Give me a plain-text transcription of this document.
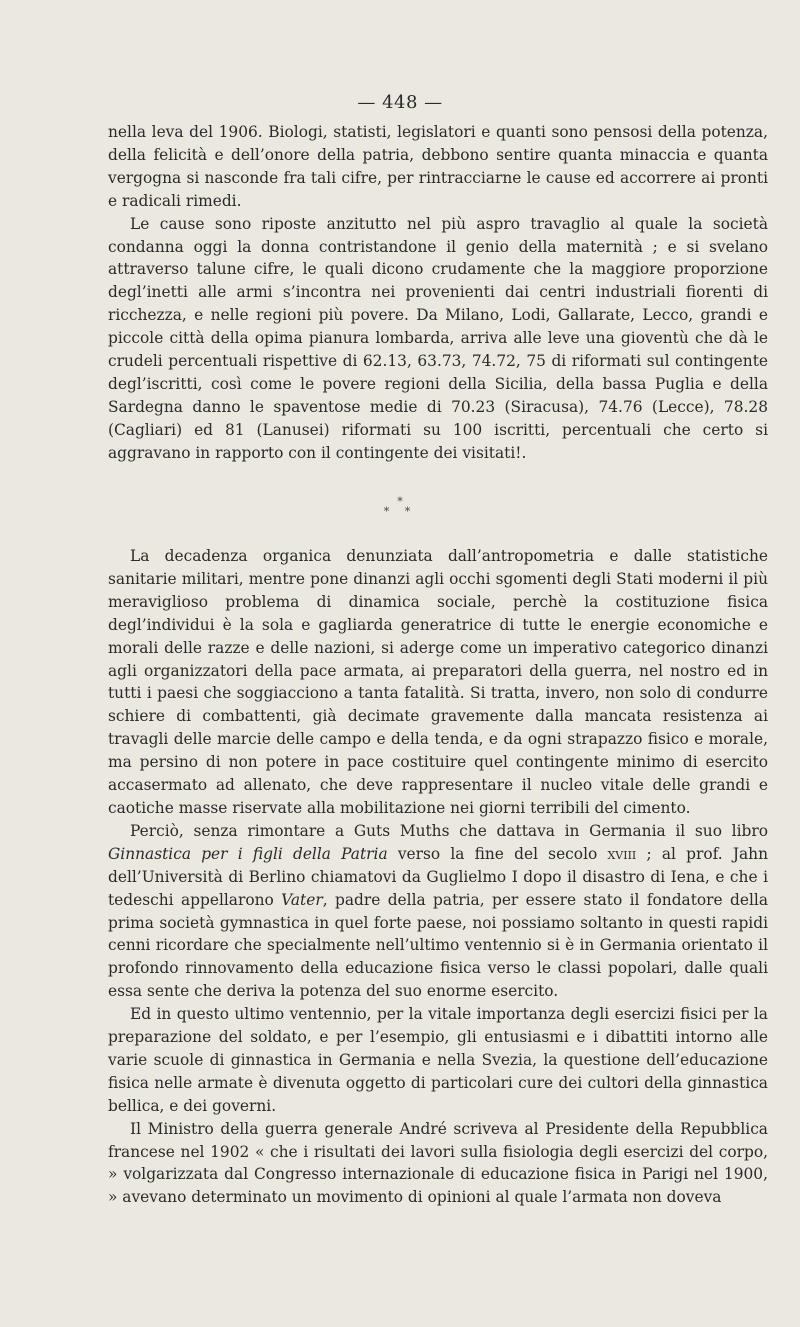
— 448 —

nella leva del 1906. Biologi, statisti, legislatori e quanti sono pensosi della potenza, della felicità e dell’onore della patria, debbono sentire quanta minaccia e quanta vergogna si nasconde fra tali cifre, per rintracciarne le cause ed accorrere ai pronti e radicali rimedi.

Le cause sono riposte anzitutto nel più aspro travaglio al quale la società condanna oggi la donna contristandone il genio della maternità ; e si svelano attraverso talune cifre, le quali dicono crudamente che la maggiore proporzione degl’inetti alle armi s’incontra nei provenienti dai centri industriali fiorenti di ricchezza, e nelle regioni più povere. Da Milano, Lodi, Gallarate, Lecco, grandi e piccole città della opima pianura lombarda, arriva alle leve una gioventù che dà le crudeli percentuali rispettive di 62.13, 63.73, 74.72, 75 di riformati sul contingente degl’iscritti, così come le povere regioni della Sicilia, della bassa Puglia e della Sardegna danno le spaventose medie di 70.23 (Siracusa), 74.76 (Lecce), 78.28 (Cagliari) ed 81 (Lanusei) riformati su 100 iscritti, percentuali che certo si aggravano in rapporto con il contingente dei visitati!.

*
* *

La decadenza organica denunziata dall’antropometria e dalle statistiche sanitarie militari, mentre pone dinanzi agli occhi sgomenti degli Stati moderni il più meraviglioso problema di dinamica sociale, perchè la costituzione fisica degl’individui è la sola e gagliarda generatrice di tutte le energie economiche e morali delle razze e delle nazioni, si aderge come un imperativo categorico dinanzi agli organizzatori della pace armata, ai preparatori della guerra, nel nostro ed in tutti i paesi che soggiacciono a tanta fatalità. Si tratta, invero, non solo di condurre schiere di combattenti, già decimate gravemente dalla mancata resistenza ai travagli delle marcie delle campo e della tenda, e da ogni strapazzo fisico e morale, ma persino di non potere in pace costituire quel contingente minimo di esercito accasermato ad allenato, che deve rappresentare il nucleo vitale delle grandi e caotiche masse riservate alla mobilitazione nei giorni terribili del cimento.

Perciò, senza rimontare a Guts Muths che dattava in Germania il suo libro Ginnastica per i figli della Patria verso la fine del secolo xviii ; al prof. Jahn dell’Università di Berlino chiamatovi da Guglielmo I dopo il disastro di Iena, e che i tedeschi appellarono Vater, padre della patria, per essere stato il fondatore della prima società gymnastica in quel forte paese, noi possiamo soltanto in questi rapidi cenni ricordare che specialmente nell’ultimo ventennio si è in Germania orientato il profondo rinnovamento della educazione fisica verso le classi popolari, dalle quali essa sente che deriva la potenza del suo enorme esercito.

Ed in questo ultimo ventennio, per la vitale importanza degli esercizi fisici per la preparazione del soldato, e per l’esempio, gli entusiasmi e i dibattiti intorno alle varie scuole di ginnastica in Germania e nella Svezia, la questione dell’educazione fisica nelle armate è divenuta oggetto di particolari cure dei cultori della ginnastica bellica, e dei governi.

Il Ministro della guerra generale André scriveva al Presidente della Repubblica francese nel 1902 « che i risultati dei lavori sulla fisiologia degli esercizi del corpo, » volgarizzata dal Congresso internazionale di educazione fisica in Parigi nel 1900, » avevano determinato un movimento di opinioni al quale l’armata non doveva
